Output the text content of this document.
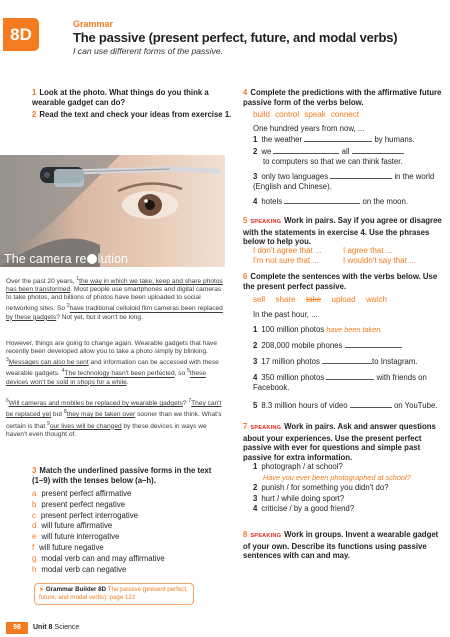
8D
Grammar
The passive (present perfect, future, and modal verbs)
I can use different forms of the passive.
1 Look at the photo. What things do you think a wearable gadget can do?
2 Read the text and check your ideas from exercise 1.
The camera re lution
Over the past 20 years, $^1$the way in which we take, keep and share photos has been transformed. Most people use smartphones and digital cameras to take photos, and billions of photos have been uploaded to social networking sites. So $^2$have traditional celluloid film cameras been replaced by these gadgets? Not yet, but it won't be long.
However, things are going to change again. Wearable gadgets that have recently been developed allow you to take a photo simply by blinking. $^3$Messages can also be sent and information can be accessed with these wearable gadgets. $^4$The technology hasn't been perfected, so $^5$these devices won't be sold in shops for a while.
$^6$Will cameras and mobiles be replaced by wearable gadgets? $^7$They can't be replaced yet but $^8$they may be taken over sooner than we think. What's certain is that $^9$our lives will be changed by these devices in ways we haven't even thought of.
3 Match the underlined passive forms in the text (1–9) with the tenses below (a–h).
a present perfect affirmative
b present perfect negative
c present perfect interrogative
d will future affirmative
e will future interrogative
f will future negative
g modal verb can and may affirmative
h modal verb can negative
➤ Grammar Builder 8D The passive (present perfect, future, and modal verbs): page 122
4 Complete the predictions with the affirmative future passive form of the verbs below.
build control speak connect
One hundred years from now, ...
1 the weather	by humans.
2 we	all
to computers so that we can think faster.
3 only two languages	in the world (English and Chinese).
4 hotels	on the moon.
5 SPEAKING Work in pairs. Say if you agree or disagree with the statements in exercise 4. Use the phrases below to help you.
I don't agree that ...	I agree that ...
I'm not sure that ...	I wouldn't say that ...
6 Complete the sentences with the verbs below. Use the present perfect passive.
sell share take upload watch
In the past hour, ...
1 100 million photos have been taken.
2 208,000 mobile phones	.
3 17 million photos	to Instagram.
4 350 million photos	with friends on Facebook.
5 8.3 million hours of video	on YouTube.
7 SPEAKING Work in pairs. Ask and answer questions about your experiences. Use the present perfect passive with ever for questions and simple past passive for extra information.
1 photograph / at school?
Have you ever been photographed at school?
2 punish / for something you didn't do?
3 hurt / while doing sport?
4 criticise / by a good friend?
8 SPEAKING Work in groups. Invent a wearable gadget of your own. Describe its functions using passive sentences with can and may.
98	Unit 8 Science
